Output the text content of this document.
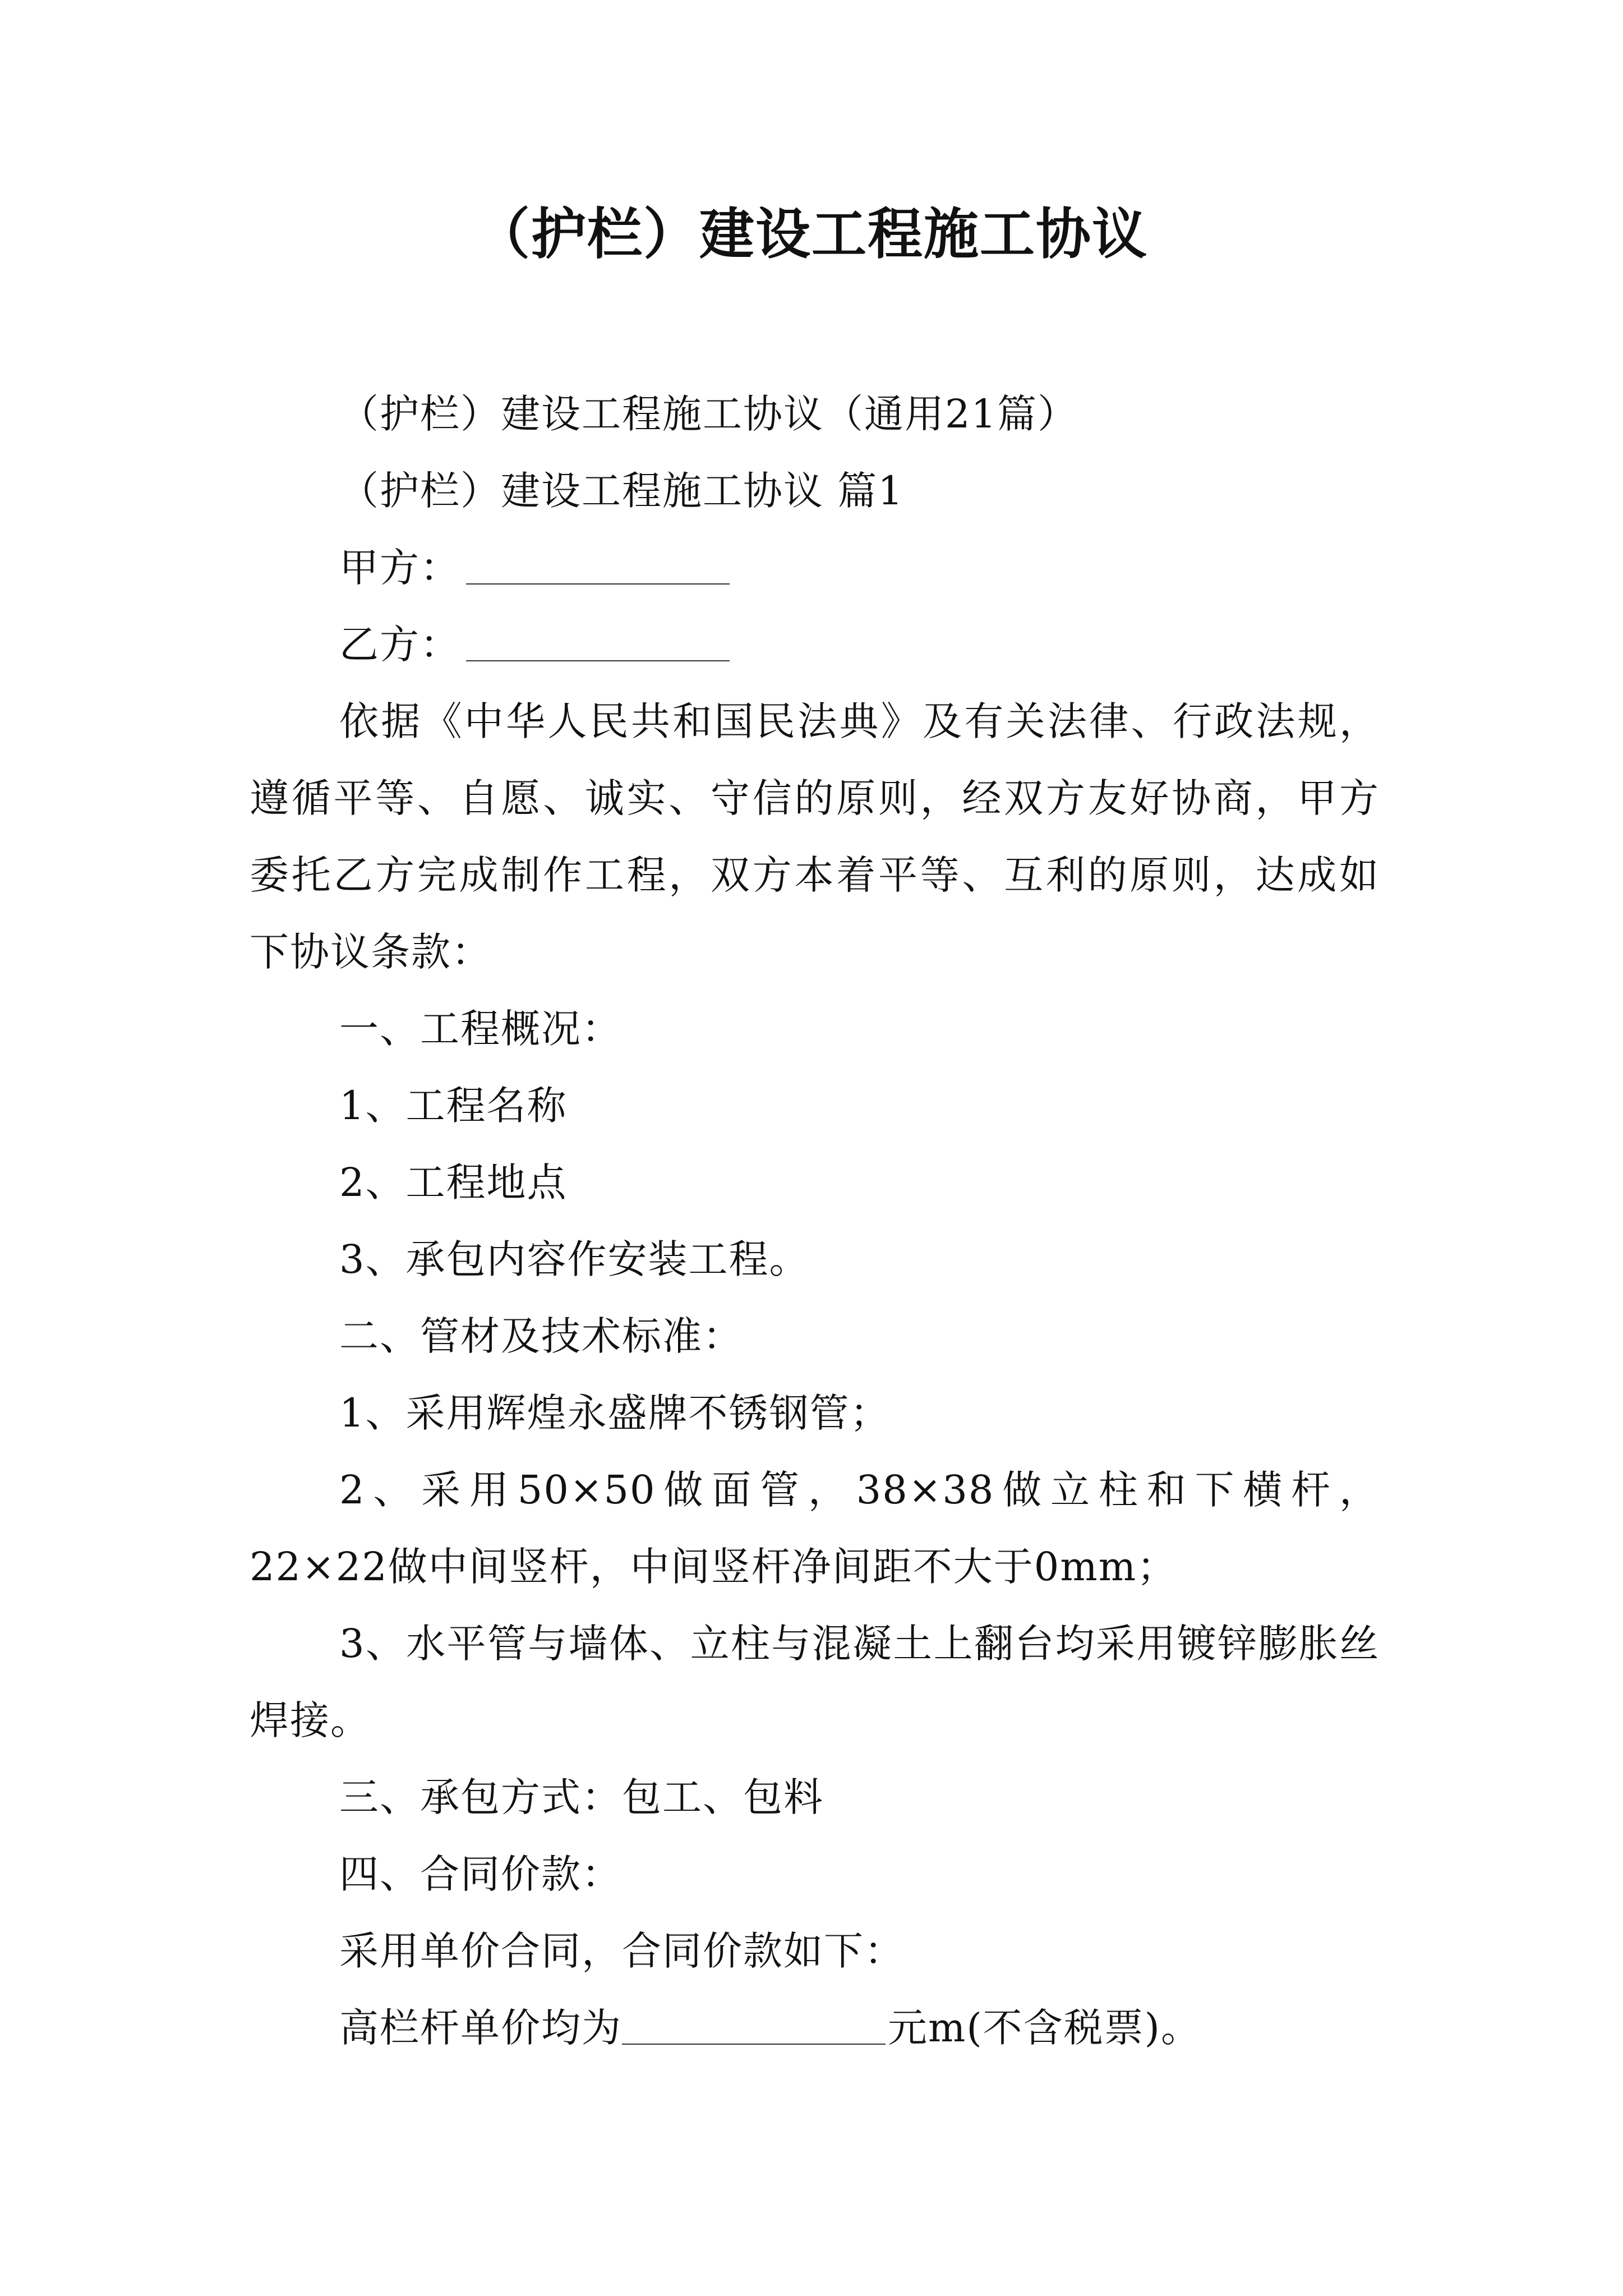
（护栏）建设工程施工协议

（护栏）建设工程施工协议（通用21篇）

（护栏）建设工程施工协议 篇1

甲方：

乙方：

依据《中华人民共和国民法典》及有关法律、行政法规，遵循平等、自愿、诚实、守信的原则，经双方友好协商，甲方委托乙方完成制作工程，双方本着平等、互利的原则，达成如下协议条款：

一、工程概况：

1、工程名称

2、工程地点

3、承包内容作安装工程。

二、管材及技术标准：

1、采用辉煌永盛牌不锈钢管；

2、采用50×50做面管，38×38做立柱和下横杆，22×22做中间竖杆，中间竖杆净间距不大于0mm；

3、水平管与墙体、立柱与混凝土上翻台均采用镀锌膨胀丝焊接。

三、承包方式：包工、包料

四、合同价款：

采用单价合同，合同价款如下：

高栏杆单价均为	元m(不含税票)。
